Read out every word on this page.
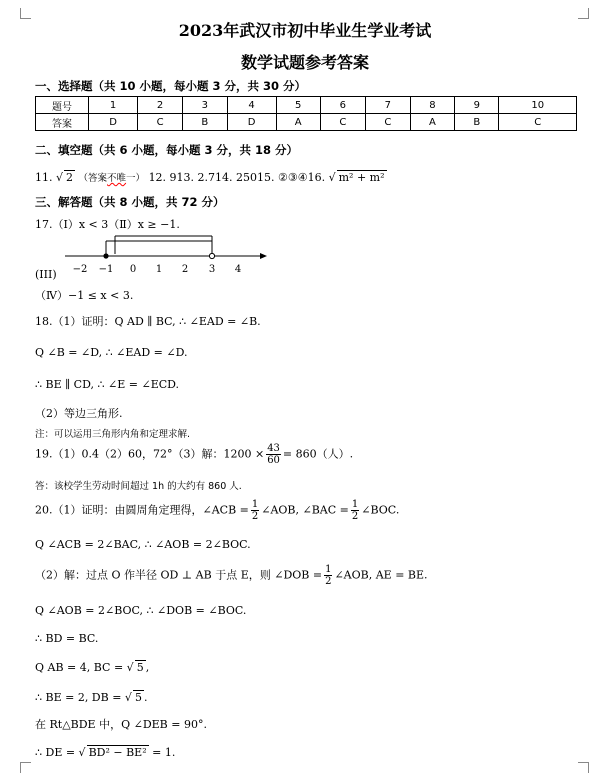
2023年武汉市初中毕业生学业考试
数学试题参考答案
一、选择题（共 10 小题，每小题 3 分，共 30 分）
题号	1	2	3	4	5	6	7	8	9	10
答案	D	C	B	D	A	C	C	A	B	C
二、填空题（共 6 小题，每小题 3 分，共 18 分）
11. √ 2 （答案不唯一） 12. 913. 2.714. 25015. ②③④16. √ m² + m²
三、解答题（共 8 小题，共 72 分）
17.（Ⅰ）x < 3（Ⅱ）x ≥ −1.
−2 −1 0 1 2 3 4
(III)
（Ⅳ）−1 ≤ x < 3.
18.（1）证明：Q AD ∥ BC, ∴ ∠EAD = ∠B.
Q ∠B = ∠D, ∴ ∠EAD = ∠D.
∴ BE ∥ CD, ∴ ∠E = ∠ECD.
（2）等边三角形.
注：可以运用三角形内角和定理求解.
19.（1）0.4（2）60，72°（3）解：$1200 \times \frac{43}{60} = 860$（人）.
答：该校学生劳动时间超过 1h 的大约有 860 人.
20.（1）证明：由圆周角定理得，∠ACB = $\frac{1}{2}$ ∠AOB, ∠BAC = $\frac{1}{2}$ ∠BOC.
Q ∠ACB = 2∠BAC, ∴ ∠AOB = 2∠BOC.
（2）解：过点 O 作半径 OD ⊥ AB 于点 E，则 ∠DOB = $\frac{1}{2}$ ∠AOB, AE = BE.
Q ∠AOB = 2∠BOC, ∴ ∠DOB = ∠BOC.
∴ BD = BC.
Q AB = 4, BC = √ 5 ,
∴ BE = 2, DB = √ 5 .
在 Rt△BDE 中，Q ∠DEB = 90°.
∴ DE = √ BD² − BE² = 1.
